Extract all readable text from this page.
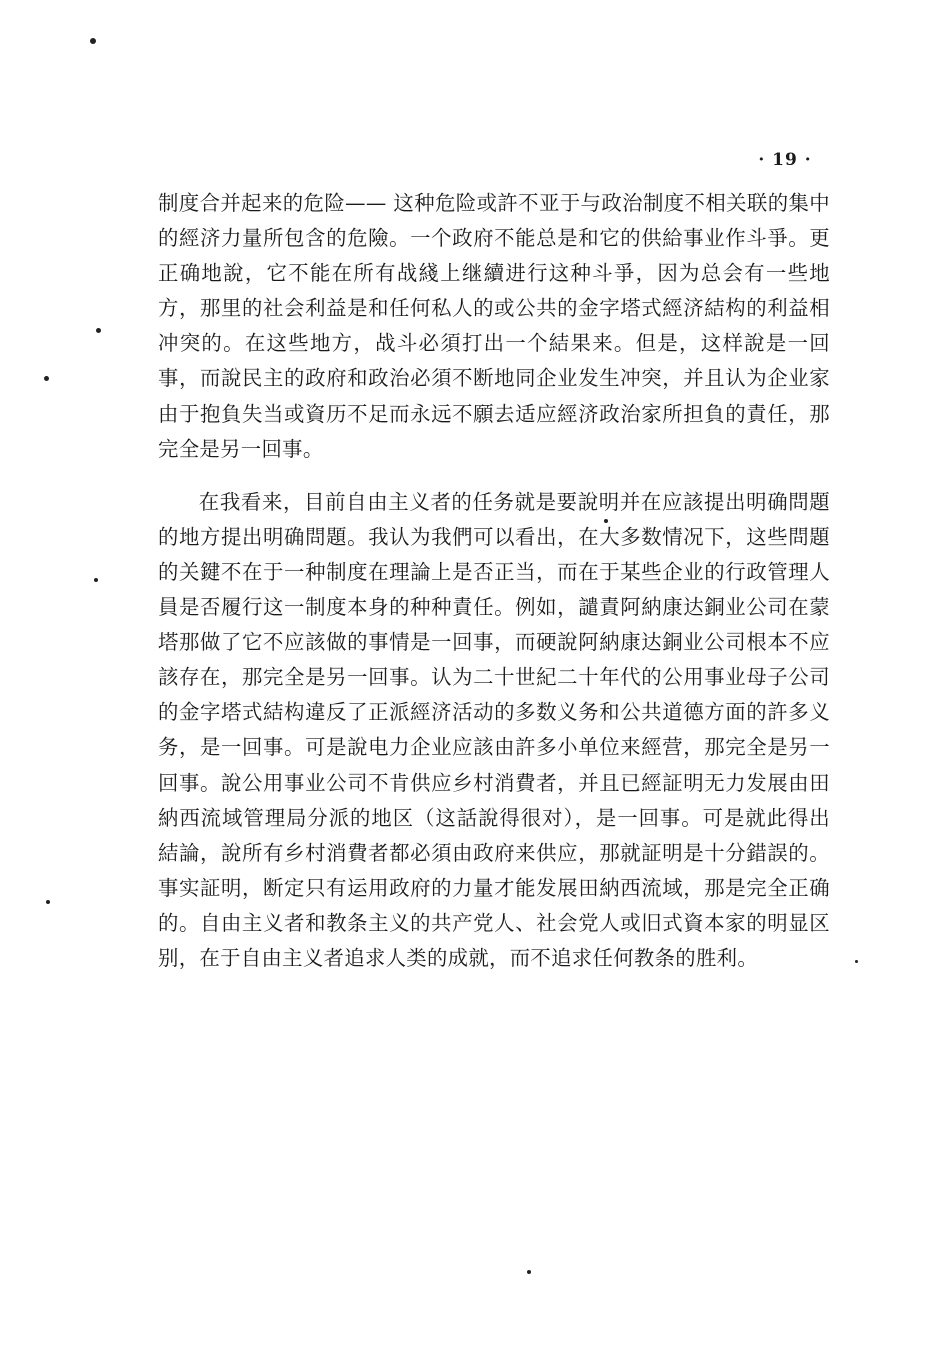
· 19 ·

制度合并起来的危险—— 这种危险或許不亚于与政治制度不相关联的集中的經济力量所包含的危險。一个政府不能总是和它的供給事业作斗爭。更正确地說，它不能在所有战綫上继續进行这种斗爭，因为总会有一些地方，那里的社会利益是和任何私人的或公共的金字塔式經济結构的利益相冲突的。在这些地方，战斗必須打出一个結果来。但是，这样說是一回事，而說民主的政府和政治必須不断地同企业发生冲突，并且认为企业家由于抱負失当或資历不足而永远不願去适应經济政治家所担負的責任，那完全是另一回事。

在我看来，目前自由主义者的任务就是要說明并在应該提出明确問題的地方提出明确問題。我认为我們可以看出，在大多数情况下，这些問題的关鍵不在于一种制度在理論上是否正当，而在于某些企业的行政管理人員是否履行这一制度本身的种种責任。例如，譴責阿納康达銅业公司在蒙塔那做了它不应該做的事情是一回事，而硬說阿納康达銅业公司根本不应該存在，那完全是另一回事。认为二十世紀二十年代的公用事业母子公司的金字塔式結构違反了正派經济活动的多数义务和公共道德方面的許多义务，是一回事。可是說电力企业应該由許多小单位来經营，那完全是另一回事。說公用事业公司不肯供应乡村消費者，并且已經証明无力发展由田納西流域管理局分派的地区（这話說得很对），是一回事。可是就此得出結論，說所有乡村消費者都必須由政府来供应，那就証明是十分錯誤的。事实証明，断定只有运用政府的力量才能发展田納西流域，那是完全正确的。自由主义者和教条主义的共产党人、社会党人或旧式資本家的明显区别，在于自由主义者追求人类的成就，而不追求任何教条的胜利。
